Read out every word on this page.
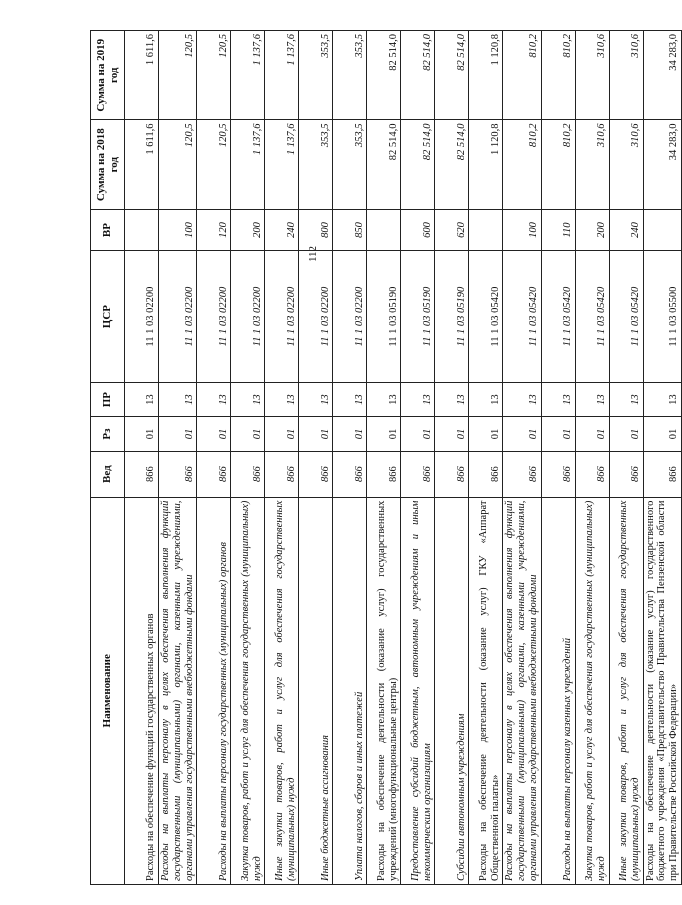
112
Наименование	Вед	Рз	ПР	ЦСР	ВР	Сумма на 2018 год	Сумма на 2019 год
Расходы на обеспечение функций государственных органов	866	01	13	11 1 03 02200		1 611,6	1 611,6
Расходы на выплаты персоналу в целях обеспечения выполнения функций государственными (муниципальными) органами, казенными учреждениями, органами управления государственными внебюджетными фондами	866	01	13	11 1 03 02200	100	120,5	120,5
Расходы на выплаты персоналу государственных (муниципальных) органов	866	01	13	11 1 03 02200	120	120,5	120,5
Закупка товаров, работ и услуг для обеспечения государственных (муниципальных) нужд	866	01	13	11 1 03 02200	200	1 137,6	1 137,6
Иные закупки товаров, работ и услуг для обеспечения государственных (муниципальных) нужд	866	01	13	11 1 03 02200	240	1 137,6	1 137,6
Иные бюджетные ассигнования	866	01	13	11 1 03 02200	800	353,5	353,5
Уплата налогов, сборов и иных платежей	866	01	13	11 1 03 02200	850	353,5	353,5
Расходы на обеспечение деятельности (оказание услуг) государственных учреждений (многофункциональные центры)	866	01	13	11 1 03 05190		82 514,0	82 514,0
Предоставление субсидий бюджетным, автономным учреждениям и иным некоммерческим организациям	866	01	13	11 1 03 05190	600	82 514,0	82 514,0
Субсидии автономным учреждениям	866	01	13	11 1 03 05190	620	82 514,0	82 514,0
Расходы на обеспечение деятельности (оказание услуг) ГКУ «Аппарат Общественной палаты»	866	01	13	11 1 03 05420		1 120,8	1 120,8
Расходы на выплаты персоналу в целях обеспечения выполнения функций государственными (муниципальными) органами, казенными учреждениями, органами управления государственными внебюджетными фондами	866	01	13	11 1 03 05420	100	810,2	810,2
Расходы на выплаты персоналу казенных учреждений	866	01	13	11 1 03 05420	110	810,2	810,2
Закупка товаров, работ и услуг для обеспечения государственных (муниципальных) нужд	866	01	13	11 1 03 05420	200	310,6	310,6
Иные закупки товаров, работ и услуг для обеспечения государственных (муниципальных) нужд	866	01	13	11 1 03 05420	240	310,6	310,6
Расходы на обеспечение деятельности (оказание услуг) государственного бюджетного учреждения «Представительство Правительства Пензенской области при Правительстве Российской Федерации»	866	01	13	11 1 03 05500		34 283,0	34 283,0
